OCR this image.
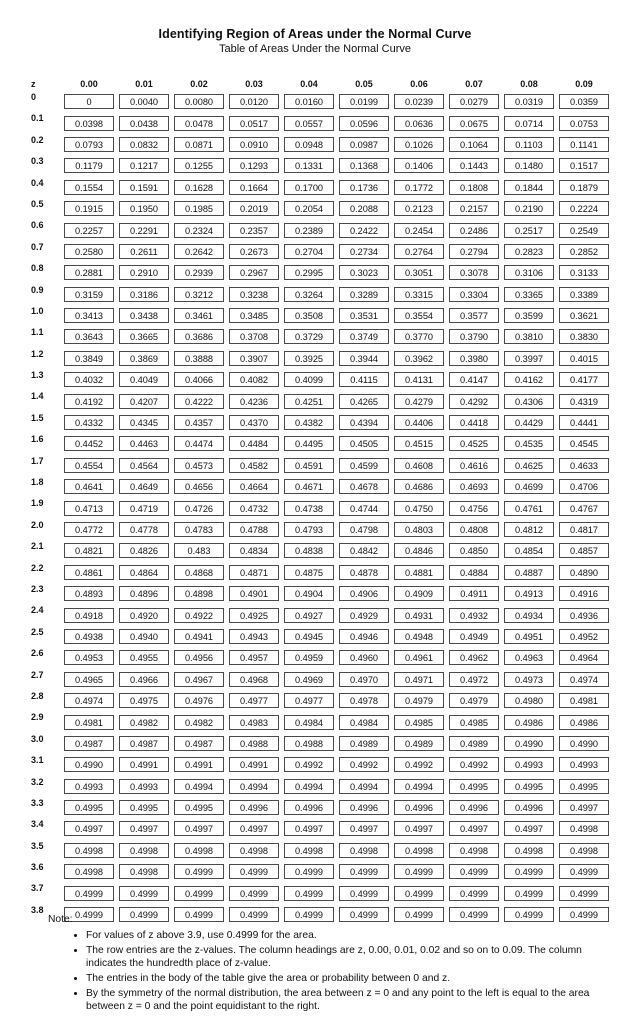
Identifying Region of Areas under the Normal Curve
Table of Areas Under the Normal Curve
z	0.00	0.01	0.02	0.03	0.04	0.05	0.06	0.07	0.08	0.09
0	0	0.0040	0.0080	0.0120	0.0160	0.0199	0.0239	0.0279	0.0319	0.0359

0.1	0.0398	0.0438	0.0478	0.0517	0.0557	0.0596	0.0636	0.0675	0.0714	0.0753

0.2	0.0793	0.0832	0.0871	0.0910	0.0948	0.0987	0.1026	0.1064	0.1103	0.1141

0.3	0.1179	0.1217	0.1255	0.1293	0.1331	0.1368	0.1406	0.1443	0.1480	0.1517

0.4	0.1554	0.1591	0.1628	0.1664	0.1700	0.1736	0.1772	0.1808	0.1844	0.1879

0.5	0.1915	0.1950	0.1985	0.2019	0.2054	0.2088	0.2123	0.2157	0.2190	0.2224

0.6	0.2257	0.2291	0.2324	0.2357	0.2389	0.2422	0.2454	0.2486	0.2517	0.2549

0.7	0.2580	0.2611	0.2642	0.2673	0.2704	0.2734	0.2764	0.2794	0.2823	0.2852

0.8	0.2881	0.2910	0.2939	0.2967	0.2995	0.3023	0.3051	0.3078	0.3106	0.3133

0.9	0.3159	0.3186	0.3212	0.3238	0.3264	0.3289	0.3315	0.3304	0.3365	0.3389

1.0	0.3413	0.3438	0.3461	0.3485	0.3508	0.3531	0.3554	0.3577	0.3599	0.3621

1.1	0.3643	0.3665	0.3686	0.3708	0.3729	0.3749	0.3770	0.3790	0.3810	0.3830

1.2	0.3849	0.3869	0.3888	0.3907	0.3925	0.3944	0.3962	0.3980	0.3997	0.4015

1.3	0.4032	0.4049	0.4066	0.4082	0.4099	0.4115	0.4131	0.4147	0.4162	0.4177

1.4	0.4192	0.4207	0.4222	0.4236	0.4251	0.4265	0.4279	0.4292	0.4306	0.4319

1.5	0.4332	0.4345	0.4357	0.4370	0.4382	0.4394	0.4406	0.4418	0.4429	0.4441

1.6	0.4452	0.4463	0.4474	0.4484	0.4495	0.4505	0.4515	0.4525	0.4535	0.4545

1.7	0.4554	0.4564	0.4573	0.4582	0.4591	0.4599	0.4608	0.4616	0.4625	0.4633

1.8	0.4641	0.4649	0.4656	0.4664	0.4671	0.4678	0.4686	0.4693	0.4699	0.4706

1.9	0.4713	0.4719	0.4726	0.4732	0.4738	0.4744	0.4750	0.4756	0.4761	0.4767

2.0	0.4772	0.4778	0.4783	0.4788	0.4793	0.4798	0.4803	0.4808	0.4812	0.4817

2.1	0.4821	0.4826	0.483	0.4834	0.4838	0.4842	0.4846	0.4850	0.4854	0.4857

2.2	0.4861	0.4864	0.4868	0.4871	0.4875	0.4878	0.4881	0.4884	0.4887	0.4890

2.3	0.4893	0.4896	0.4898	0.4901	0.4904	0.4906	0.4909	0.4911	0.4913	0.4916

2.4	0.4918	0.4920	0.4922	0.4925	0.4927	0.4929	0.4931	0.4932	0.4934	0.4936

2.5	0.4938	0.4940	0.4941	0.4943	0.4945	0.4946	0.4948	0.4949	0.4951	0.4952

2.6	0.4953	0.4955	0.4956	0.4957	0.4959	0.4960	0.4961	0.4962	0.4963	0.4964

2.7	0.4965	0.4966	0.4967	0.4968	0.4969	0.4970	0.4971	0.4972	0.4973	0.4974

2.8	0.4974	0.4975	0.4976	0.4977	0.4977	0.4978	0.4979	0.4979	0.4980	0.4981

2.9	0.4981	0.4982	0.4982	0.4983	0.4984	0.4984	0.4985	0.4985	0.4986	0.4986

3.0	0.4987	0.4987	0.4987	0.4988	0.4988	0.4989	0.4989	0.4989	0.4990	0.4990

3.1	0.4990	0.4991	0.4991	0.4991	0.4992	0.4992	0.4992	0.4992	0.4993	0.4993

3.2	0.4993	0.4993	0.4994	0.4994	0.4994	0.4994	0.4994	0.4995	0.4995	0.4995

3.3	0.4995	0.4995	0.4995	0.4996	0.4996	0.4996	0.4996	0.4996	0.4996	0.4997

3.4	0.4997	0.4997	0.4997	0.4997	0.4997	0.4997	0.4997	0.4997	0.4997	0.4998

3.5	0.4998	0.4998	0.4998	0.4998	0.4998	0.4998	0.4998	0.4998	0.4998	0.4998

3.6	0.4998	0.4998	0.4999	0.4999	0.4999	0.4999	0.4999	0.4999	0.4999	0.4999

3.7	0.4999	0.4999	0.4999	0.4999	0.4999	0.4999	0.4999	0.4999	0.4999	0.4999

3.8	0.4999	0.4999	0.4999	0.4999	0.4999	0.4999	0.4999	0.4999	0.4999	0.4999
Note:
• For values of z above 3.9, use 0.4999 for the area.
• The row entries are the z-values. The column headings are z, 0.00, 0.01, 0.02 and so on to 0.09. The column indicates the hundredth place of z-value.
• The entries in the body of the table give the area or probability between 0 and z.
• By the symmetry of the normal distribution, the area between z = 0 and any point to the left is equal to the area between z = 0 and the point equidistant to the right.
